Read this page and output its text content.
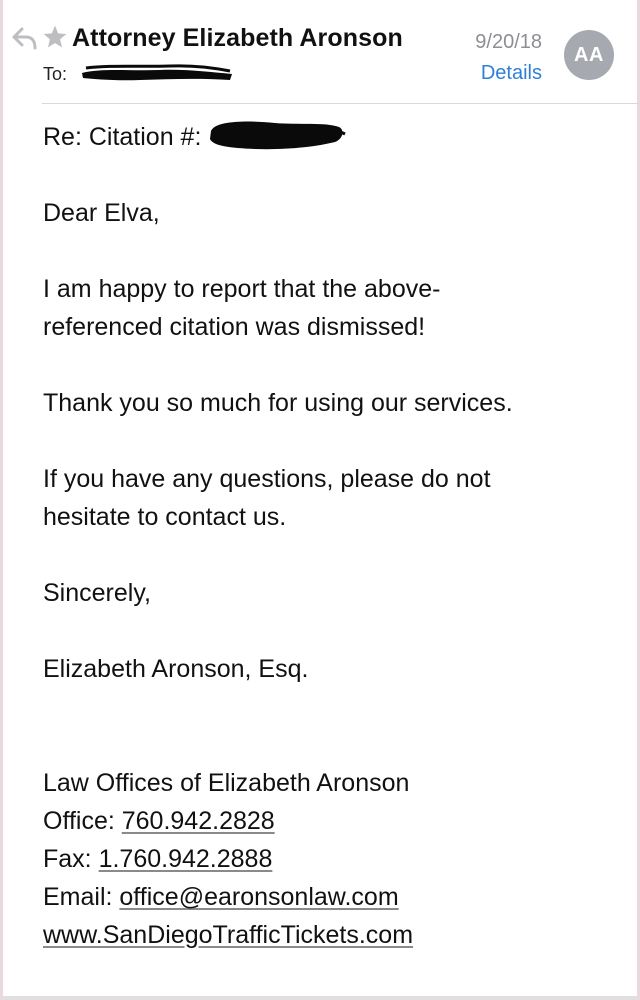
Attorney Elizabeth Aronson
To:
9/20/18
Details
AA

Re: Citation #:

Dear Elva,

I am happy to report that the above-

referenced citation was dismissed!

Thank you so much for using our services.

If you have any questions, please do not

hesitate to contact us.

Sincerely,

Elizabeth Aronson, Esq.

Law Offices of Elizabeth Aronson

Office: 760.942.2828

Fax: 1.760.942.2888

Email: office@earonsonlaw.com

www.SanDiegoTrafficTickets.com
